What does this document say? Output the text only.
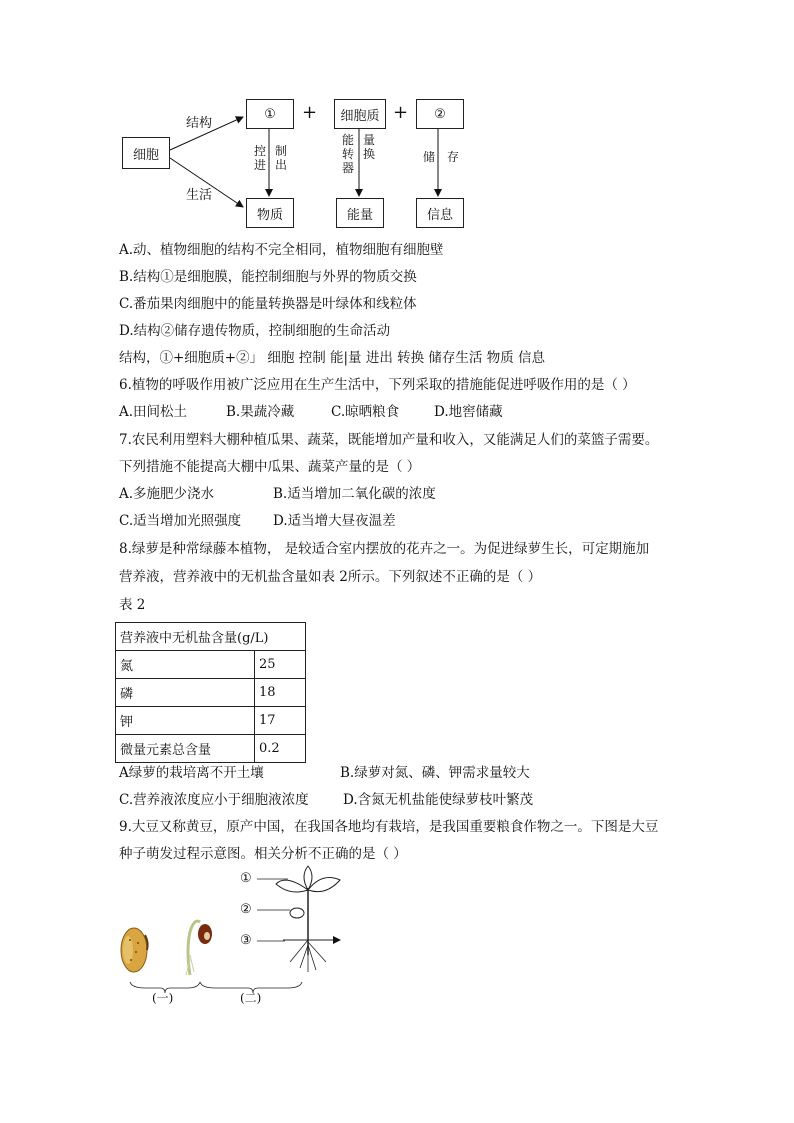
细胞
结构
生活
① + 细胞质 + ②
控进
制出
能转器
量换	储 存
物质	能量	信息
A.动、植物细胞的结构不完全相同，植物细胞有细胞壁
B.结构①是细胞膜，能控制细胞与外界的物质交换
C.番茄果肉细胞中的能量转换器是叶绿体和线粒体
D.结构②储存遗传物质，控制细胞的生命活动
结构，①+细胞质+②」 细胞 控制 能|量 进出 转换 储存生活 物质 信息
6.植物的呼吸作用被广泛应用在生产生活中，下列采取的措施能促进呼吸作用的是（ ）
A.田间松土	B.果蔬冷藏	C.晾晒粮食	D.地窖储藏
7.农民利用塑料大棚种植瓜果、蔬菜，既能增加产量和收入，又能满足人们的菜篮子需要。
下列措施不能提高大棚中瓜果、蔬菜产量的是（ ）
A.多施肥少浇水	B.适当增加二氧化碳的浓度
C.适当增加光照强度 D.适当增大昼夜温差
8.绿萝是种常绿藤本植物， 是较适合室内摆放的花卉之一。为促进绿萝生长，可定期施加
营养液，营养液中的无机盐含量如表 2所示。下列叙述不正确的是（ ）
表 2
营养液中无机盐含量(g/L)	
氮	25
磷	18
钾	17
微量元素总含量	0.2
A绿萝的栽培离不开土壤	B.绿萝对氮、磷、钾需求量较大
C.营养液浓度应小于细胞液浓度	D.含氮无机盐能使绿萝枝叶繁茂
9.大豆又称黄豆，原产中国，在我国各地均有栽培，是我国重要粮食作物之一。下图是大豆
种子萌发过程示意图。相关分析不正确的是（ ）
①
②
③
(一)	(二)
